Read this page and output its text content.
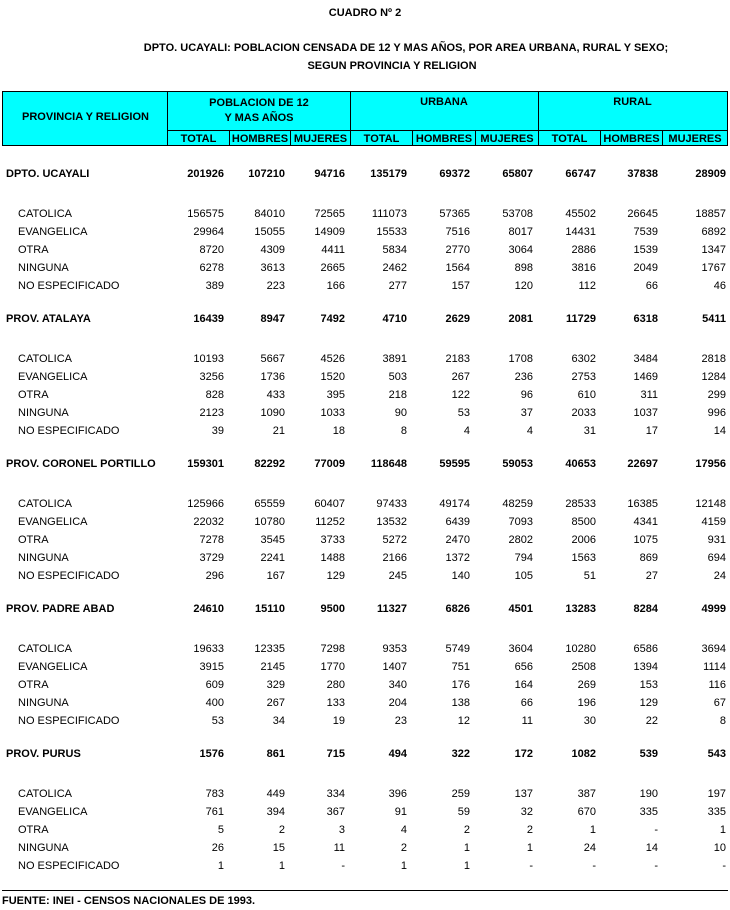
CUADRO Nº 2
DPTO. UCAYALI: POBLACION CENSADA DE 12 Y MAS AÑOS, POR AREA URBANA, RURAL Y SEXO;
SEGUN PROVINCIA Y RELIGION
PROVINCIA Y RELIGION
POBLACION DE 12
Y MAS AÑOS
URBANA	RURAL
TOTAL	HOMBRES MUJERES	TOTAL	HOMBRES MUJERES	TOTAL	HOMBRES MUJERES
DPTO. UCAYALI	201926	107210	94716	135179	69372	65807	66747	37838	28909
CATOLICA	156575	84010	72565	111073	57365	53708	45502	26645	18857
EVANGELICA	29964	15055	14909	15533	7516	8017	14431	7539	6892
OTRA	8720	4309	4411	5834	2770	3064	2886	1539	1347
NINGUNA	6278	3613	2665	2462	1564	898	3816	2049	1767
NO ESPECIFICADO	389	223	166	277	157	120	112	66	46
PROV. ATALAYA	16439	8947	7492	4710	2629	2081	11729	6318	5411
CATOLICA	10193	5667	4526	3891	2183	1708	6302	3484	2818
EVANGELICA	3256	1736	1520	503	267	236	2753	1469	1284
OTRA	828	433	395	218	122	96	610	311	299
NINGUNA	2123	1090	1033	90	53	37	2033	1037	996
NO ESPECIFICADO	39	21	18	8	4	4	31	17	14
PROV. CORONEL PORTILLO	159301	82292	77009	118648	59595	59053	40653	22697	17956
CATOLICA	125966	65559	60407	97433	49174	48259	28533	16385	12148
EVANGELICA	22032	10780	11252	13532	6439	7093	8500	4341	4159
OTRA	7278	3545	3733	5272	2470	2802	2006	1075	931
NINGUNA	3729	2241	1488	2166	1372	794	1563	869	694
NO ESPECIFICADO	296	167	129	245	140	105	51	27	24
PROV. PADRE ABAD	24610	15110	9500	11327	6826	4501	13283	8284	4999
CATOLICA	19633	12335	7298	9353	5749	3604	10280	6586	3694
EVANGELICA	3915	2145	1770	1407	751	656	2508	1394	1114
OTRA	609	329	280	340	176	164	269	153	116
NINGUNA	400	267	133	204	138	66	196	129	67
NO ESPECIFICADO	53	34	19	23	12	11	30	22	8
PROV. PURUS	1576	861	715	494	322	172	1082	539	543
CATOLICA	783	449	334	396	259	137	387	190	197
EVANGELICA	761	394	367	91	59	32	670	335	335
OTRA	5	2	3	4	2	2	1	-	1
NINGUNA	26	15	11	2	1	1	24	14	10
NO ESPECIFICADO	1	1	-	1	1	-	-	-	-
FUENTE: INEI - CENSOS NACIONALES DE 1993.
